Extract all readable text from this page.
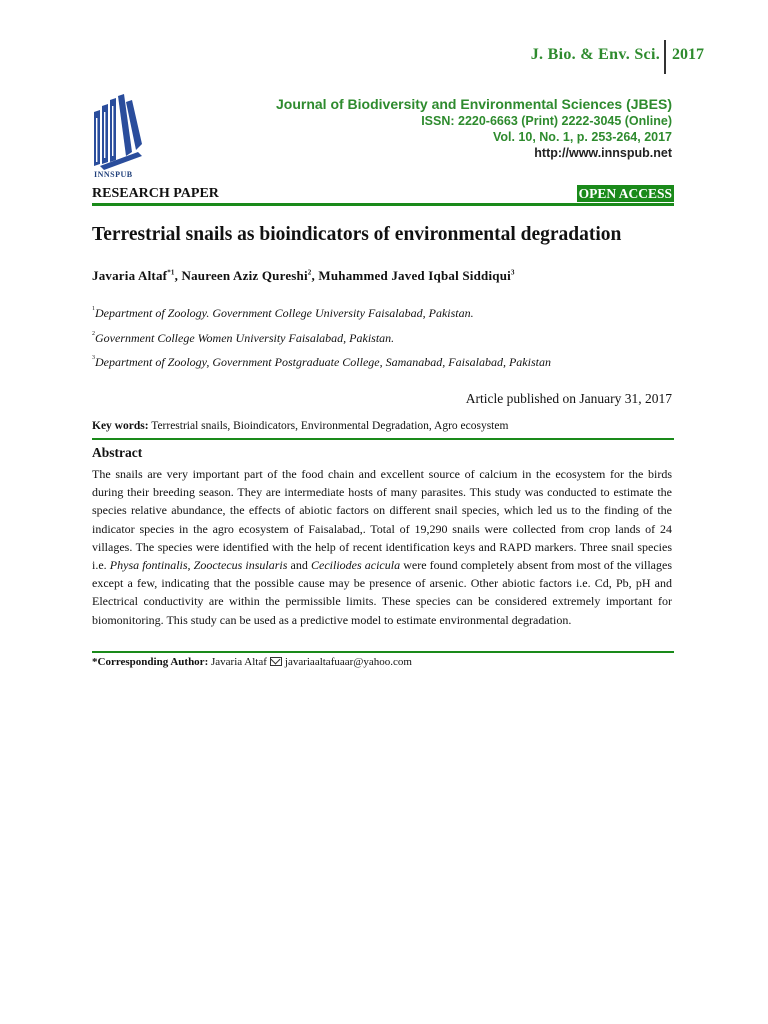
J. Bio. & Env. Sci. 2017
INNSPUB
Journal of Biodiversity and Environmental Sciences (JBES)
ISSN: 2220-6663 (Print) 2222-3045 (Online)
Vol. 10, No. 1, p. 253-264, 2017
http://www.innspub.net
RESEARCH PAPER	OPEN ACCESS
Terrestrial snails as bioindicators of environmental degradation
Javaria Altaf$^{*1}$, Naureen Aziz Qureshi$^2$, Muhammed Javed Iqbal Siddiqui$^3$
$^1$Department of Zoology. Government College University Faisalabad, Pakistan.
$^2$Government College Women University Faisalabad, Pakistan.
$^3$Department of Zoology, Government Postgraduate College, Samanabad, Faisalabad, Pakistan
Article published on January 31, 2017
Key words: Terrestrial snails, Bioindicators, Environmental Degradation, Agro ecosystem
Abstract

The snails are very important part of the food chain and excellent source of calcium in the ecosystem for the birds during their breeding season. They are intermediate hosts of many parasites. This study was conducted to estimate the species relative abundance, the effects of abiotic factors on different snail species, which led us to the finding of the indicator species in the agro ecosystem of Faisalabad,. Total of 19,290 snails were collected from crop lands of 24 villages. The species were identified with the help of recent identification keys and RAPD markers. Three snail species i.e. Physa fontinalis, Zooctecus insularis and Ceciliodes acicula were found completely absent from most of the villages except a few, indicating that the possible cause may be presence of arsenic. Other abiotic factors i.e. Cd, Pb, pH and Electrical conductivity are within the permissible limits. These species can be considered extremely important for biomonitoring. This study can be used as a predictive model to estimate environmental degradation.

*Corresponding Author: Javaria Altaf javariaaltafuaar@yahoo.com
